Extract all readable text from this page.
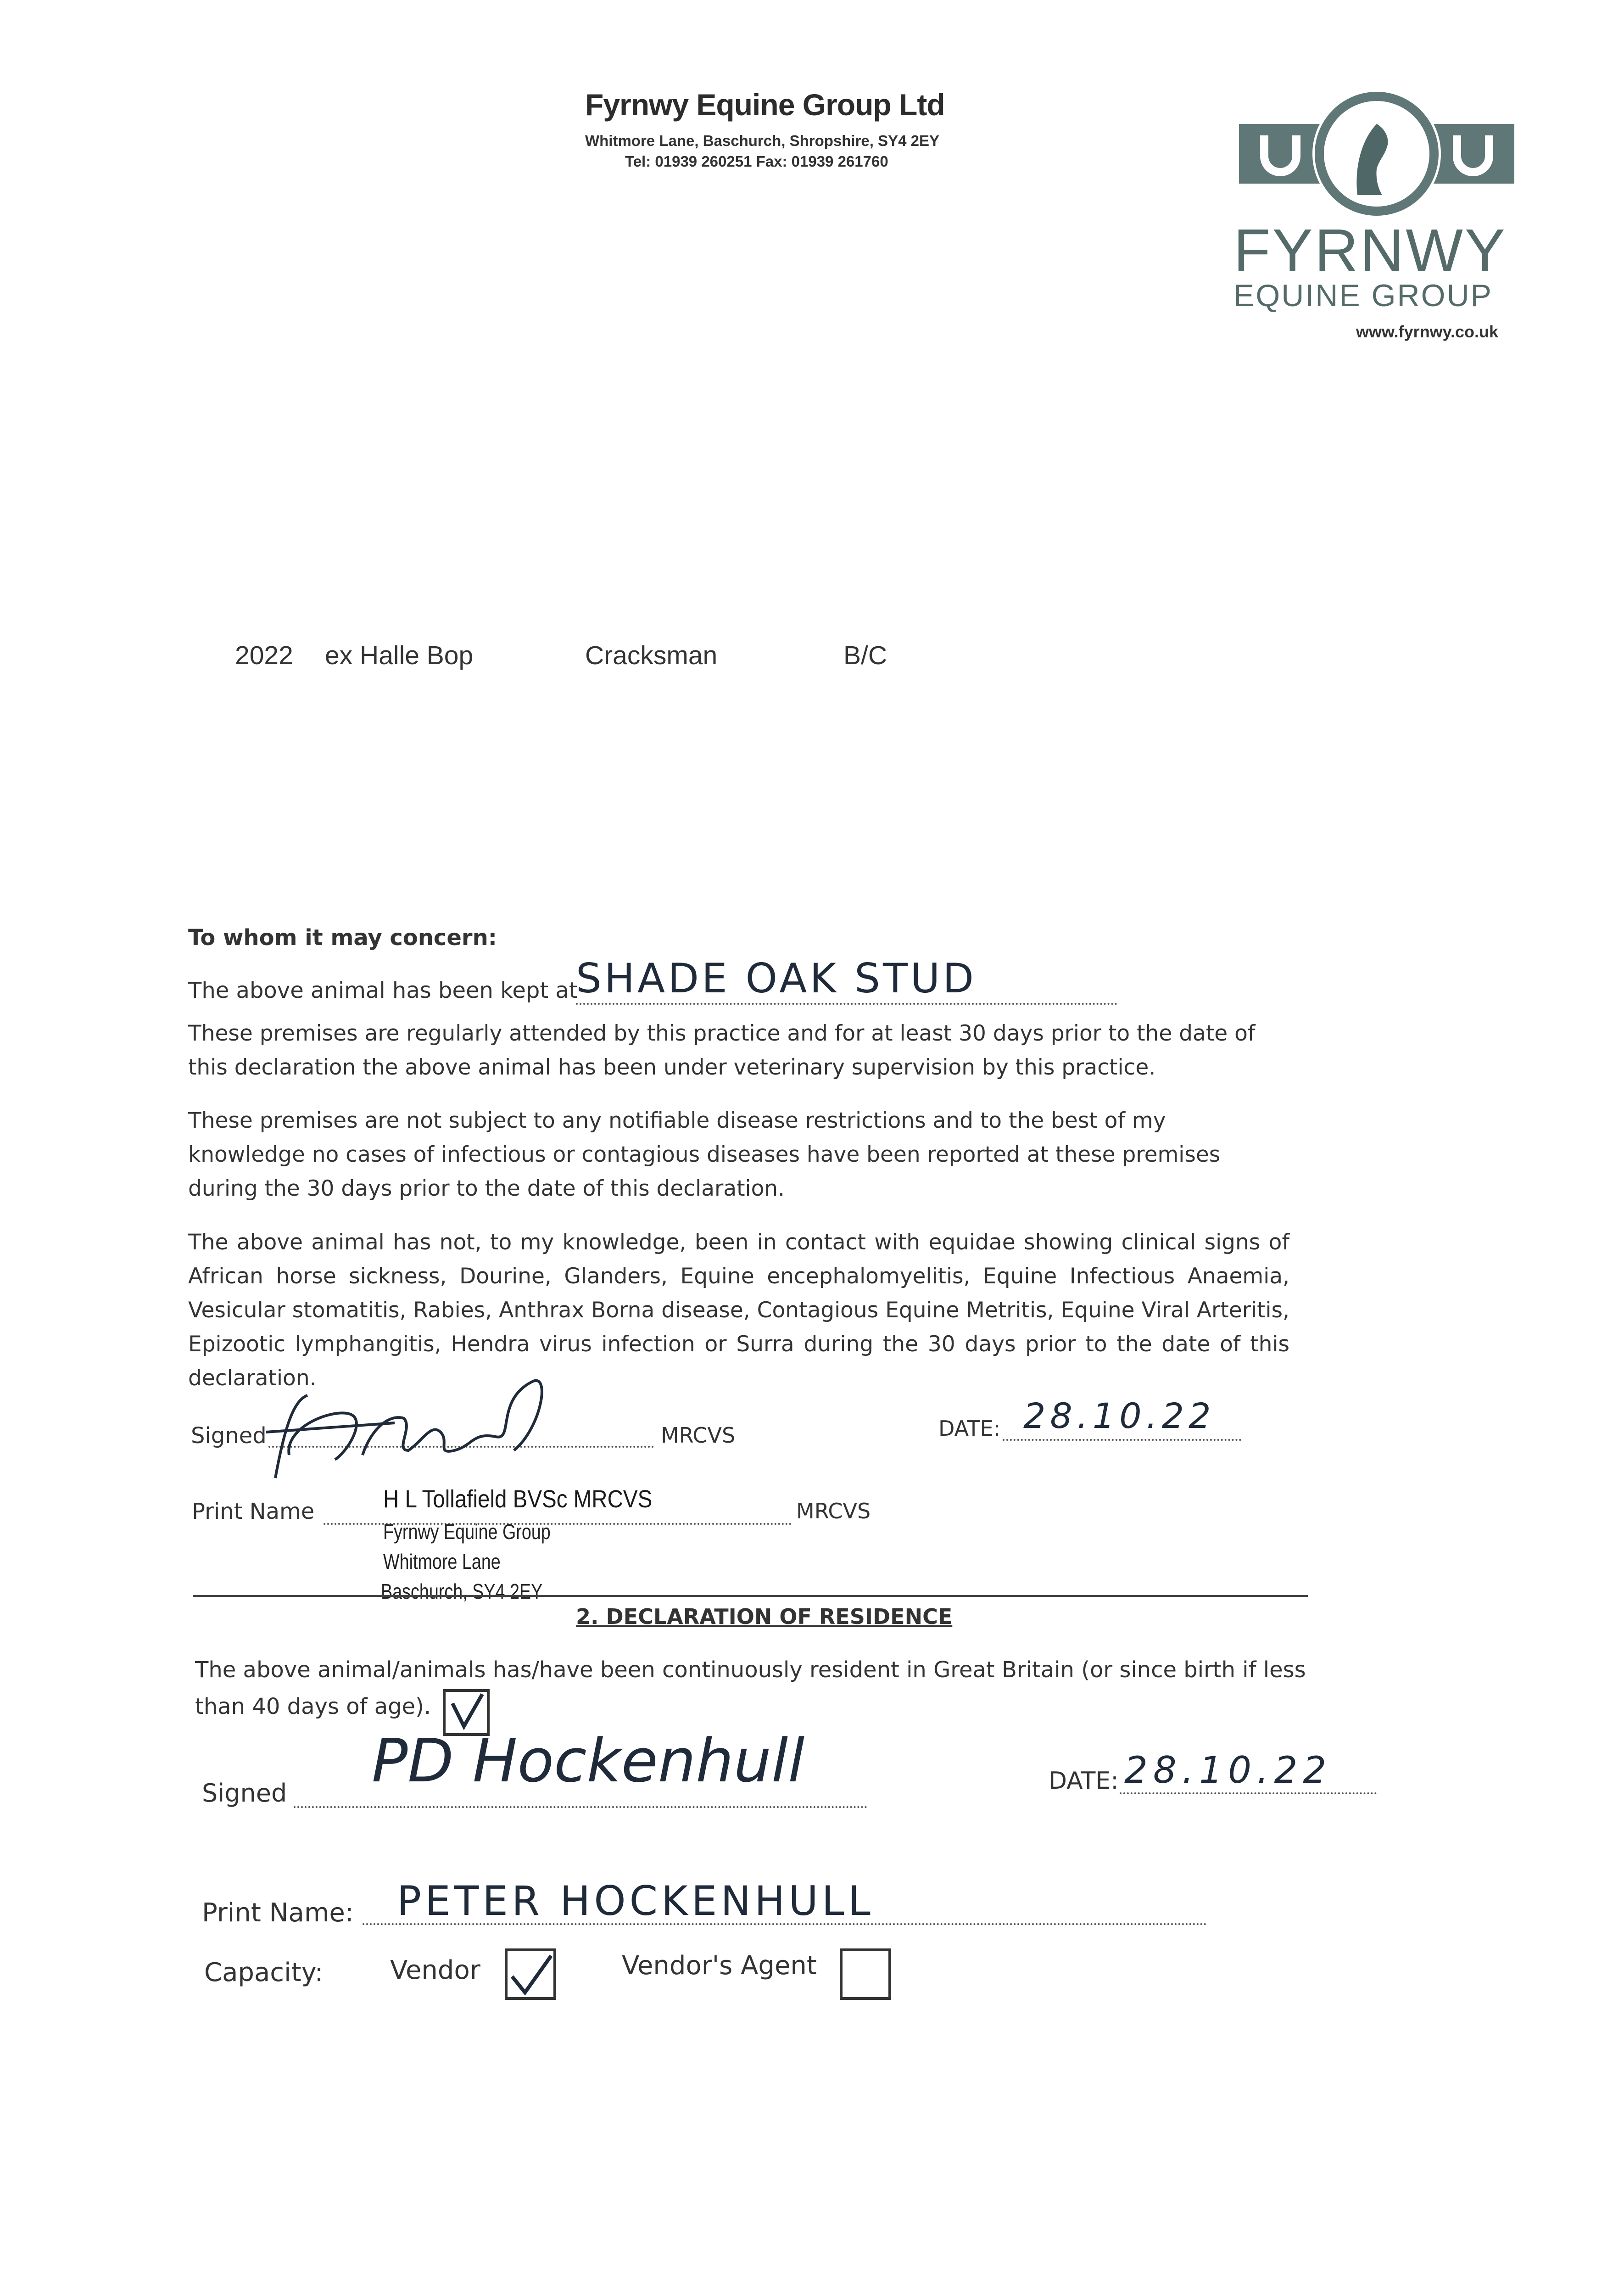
Fyrnwy Equine Group Ltd
Whitmore Lane, Baschurch, Shropshire, SY4 2EY
Tel: 01939 260251 Fax: 01939 261760
FYRNWY
EQUINE GROUP
www.fyrnwy.co.uk
2022 ex Halle Bop	Cracksman	B/C
To whom it may concern:
The above animal has been kept at
SHADE OAK STUD

These premises are regularly attended by this practice and for at least 30 days prior to the date of this declaration the above animal has been under veterinary supervision by this practice.

These premises are not subject to any notifiable disease restrictions and to the best of my knowledge no cases of infectious or contagious diseases have been reported at these premises during the 30 days prior to the date of this declaration.

The above animal has not, to my knowledge, been in contact with equidae showing clinical signs of African horse sickness, Dourine, Glanders, Equine encephalomyelitis, Equine Infectious Anaemia, Vesicular stomatitis, Rabies, Anthrax Borna disease, Contagious Equine Metritis, Equine Viral Arteritis, Epizootic lymphangitis, Hendra virus infection or Surra during the 30 days prior to the date of this declaration.

Signed	MRCVS	DATE: 28.10.22
Print Name	H L Tollafield BVSc MRCVS	MRCVS
Fyrnwy Equine Group
Whitmore Lane
Baschurch, SY4 2EY
2. DECLARATION OF RESIDENCE
The above animal/animals has/have been continuously resident in Great Britain (or since birth if less
than 40 days of age).
Signed PD Hockenhull	DATE: 28.10.22
Print Name: PETER HOCKENHULL
Capacity:	Vendor	Vendor's Agent
